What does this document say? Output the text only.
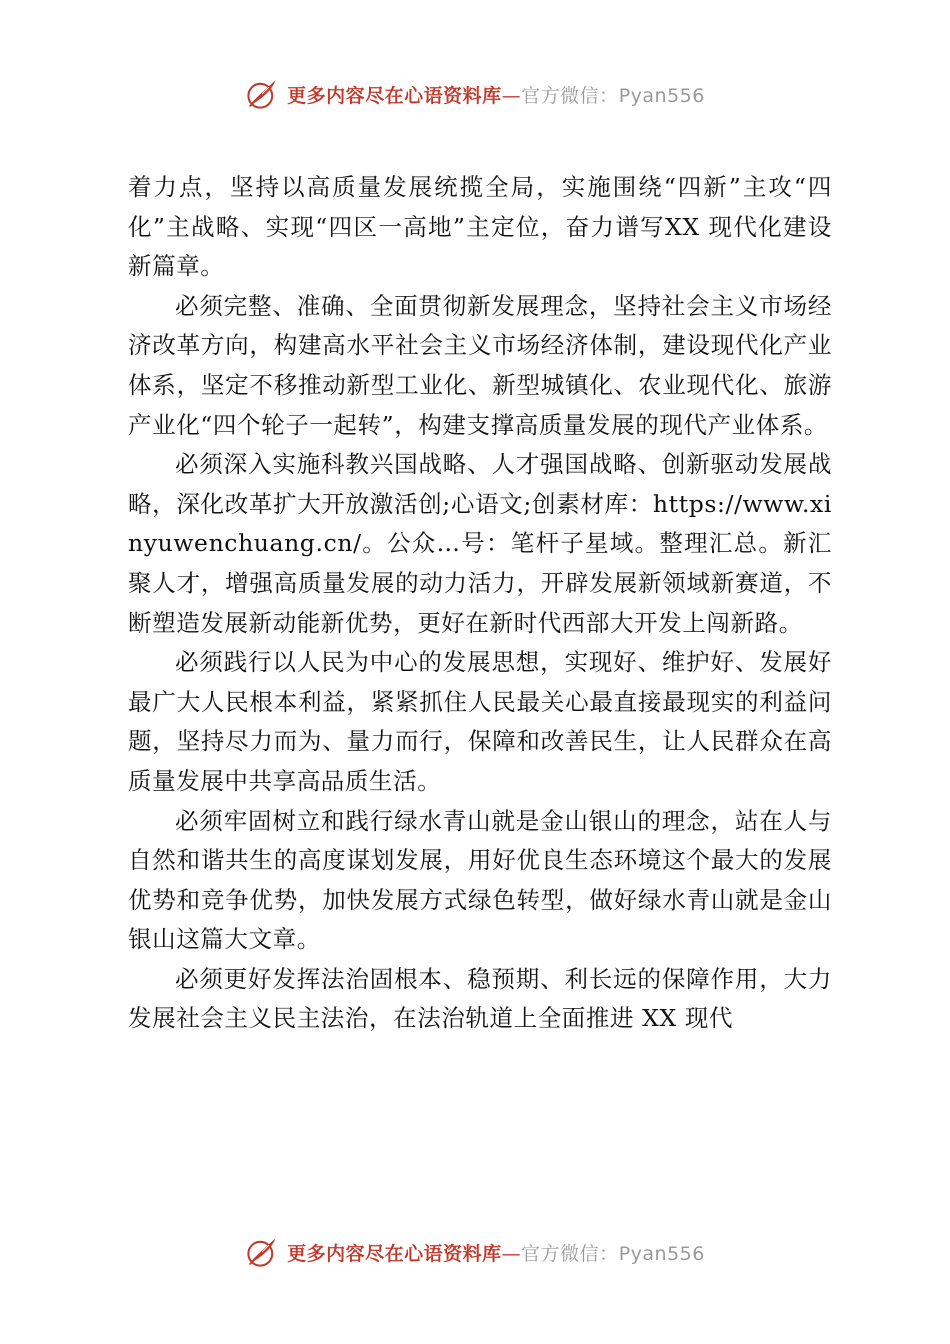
更多内容尽在心语资料库—官方微信：Pyan556

着力点，坚持以高质量发展统揽全局，实施围绕“四新”主攻“四化”主战略、实现“四区一高地”主定位，奋力谱写XX 现代化建设新篇章。

必须完整、准确、全面贯彻新发展理念，坚持社会主义市场经济改革方向，构建高水平社会主义市场经济体制，建设现代化产业体系，坚定不移推动新型工业化、新型城镇化、农业现代化、旅游产业化“四个轮子一起转”，构建支撑高质量发展的现代产业体系。

必须深入实施科教兴国战略、人才强国战略、创新驱动发展战略，深化改革扩大开放激活创;心语文;创素材库：https://www.xinyuwenchuang.cn/。公众…号：笔杆子星域。整理汇总。新汇聚人才，增强高质量发展的动力活力，开辟发展新领域新赛道，不断塑造发展新动能新优势，更好在新时代西部大开发上闯新路。

必须践行以人民为中心的发展思想，实现好、维护好、发展好最广大人民根本利益，紧紧抓住人民最关心最直接最现实的利益问题，坚持尽力而为、量力而行，保障和改善民生，让人民群众在高质量发展中共享高品质生活。

必须牢固树立和践行绿水青山就是金山银山的理念，站在人与自然和谐共生的高度谋划发展，用好优良生态环境这个最大的发展优势和竞争优势，加快发展方式绿色转型，做好绿水青山就是金山银山这篇大文章。

必须更好发挥法治固根本、稳预期、利长远的保障作用，大力发展社会主义民主法治，在法治轨道上全面推进 XX 现代

更多内容尽在心语资料库—官方微信：Pyan556
